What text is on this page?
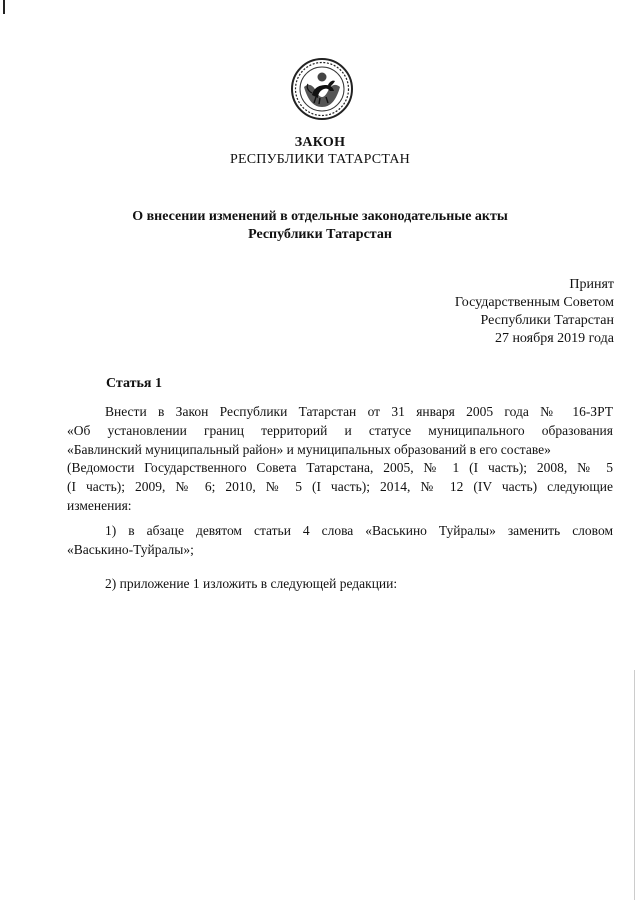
ЗАКОН
РЕСПУБЛИКИ ТАТАРСТАН
О внесении изменений в отдельные законодательные акты
Республики Татарстан
Принят
Государственным Советом
Республики Татарстан
27 ноября 2019 года
Статья 1
Внести в Закон Республики Татарстан от 31 января 2005 года № 16-ЗРТ
«Об установлении границ территорий и статусе муниципального образования
«Бавлинский муниципальный район» и муниципальных образований в его составе»
(Ведомости Государственного Совета Татарстана, 2005, № 1 (I часть); 2008, № 5
(I часть); 2009, № 6; 2010, № 5 (I часть); 2014, № 12 (IV часть) следующие
изменения:
1) в абзаце девятом статьи 4 слова «Васькино Туйралы» заменить словом
«Васькино-Туйралы»;
2) приложение 1 изложить в следующей редакции:
